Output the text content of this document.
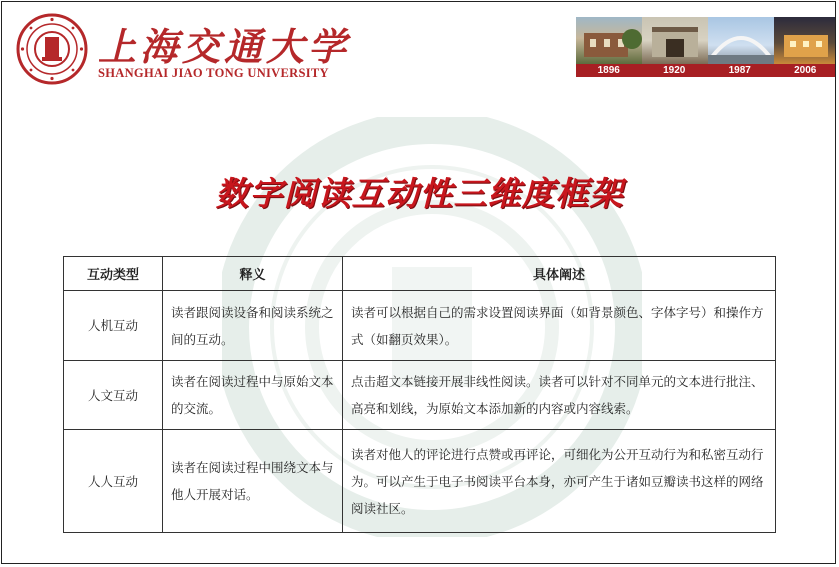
上海交通大学
SHANGHAI JIAO TONG UNIVERSITY	1896	1920	1987	2006
数字阅读互动性三维度框架
互动类型	释义	具体阐述
人机互动	读者跟阅读设备和阅读系统之间的互动。	读者可以根据自己的需求设置阅读界面（如背景颜色、字体字号）和操作方式（如翻页效果）。
人文互动	读者在阅读过程中与原始文本的交流。	点击超文本链接开展非线性阅读。读者可以针对不同单元的文本进行批注、高亮和划线，为原始文本添加新的内容或内容线索。
人人互动	读者在阅读过程中围绕文本与他人开展对话。	读者对他人的评论进行点赞或再评论，可细化为公开互动行为和私密互动行为。可以产生于电子书阅读平台本身，亦可产生于诸如豆瓣读书这样的网络阅读社区。
